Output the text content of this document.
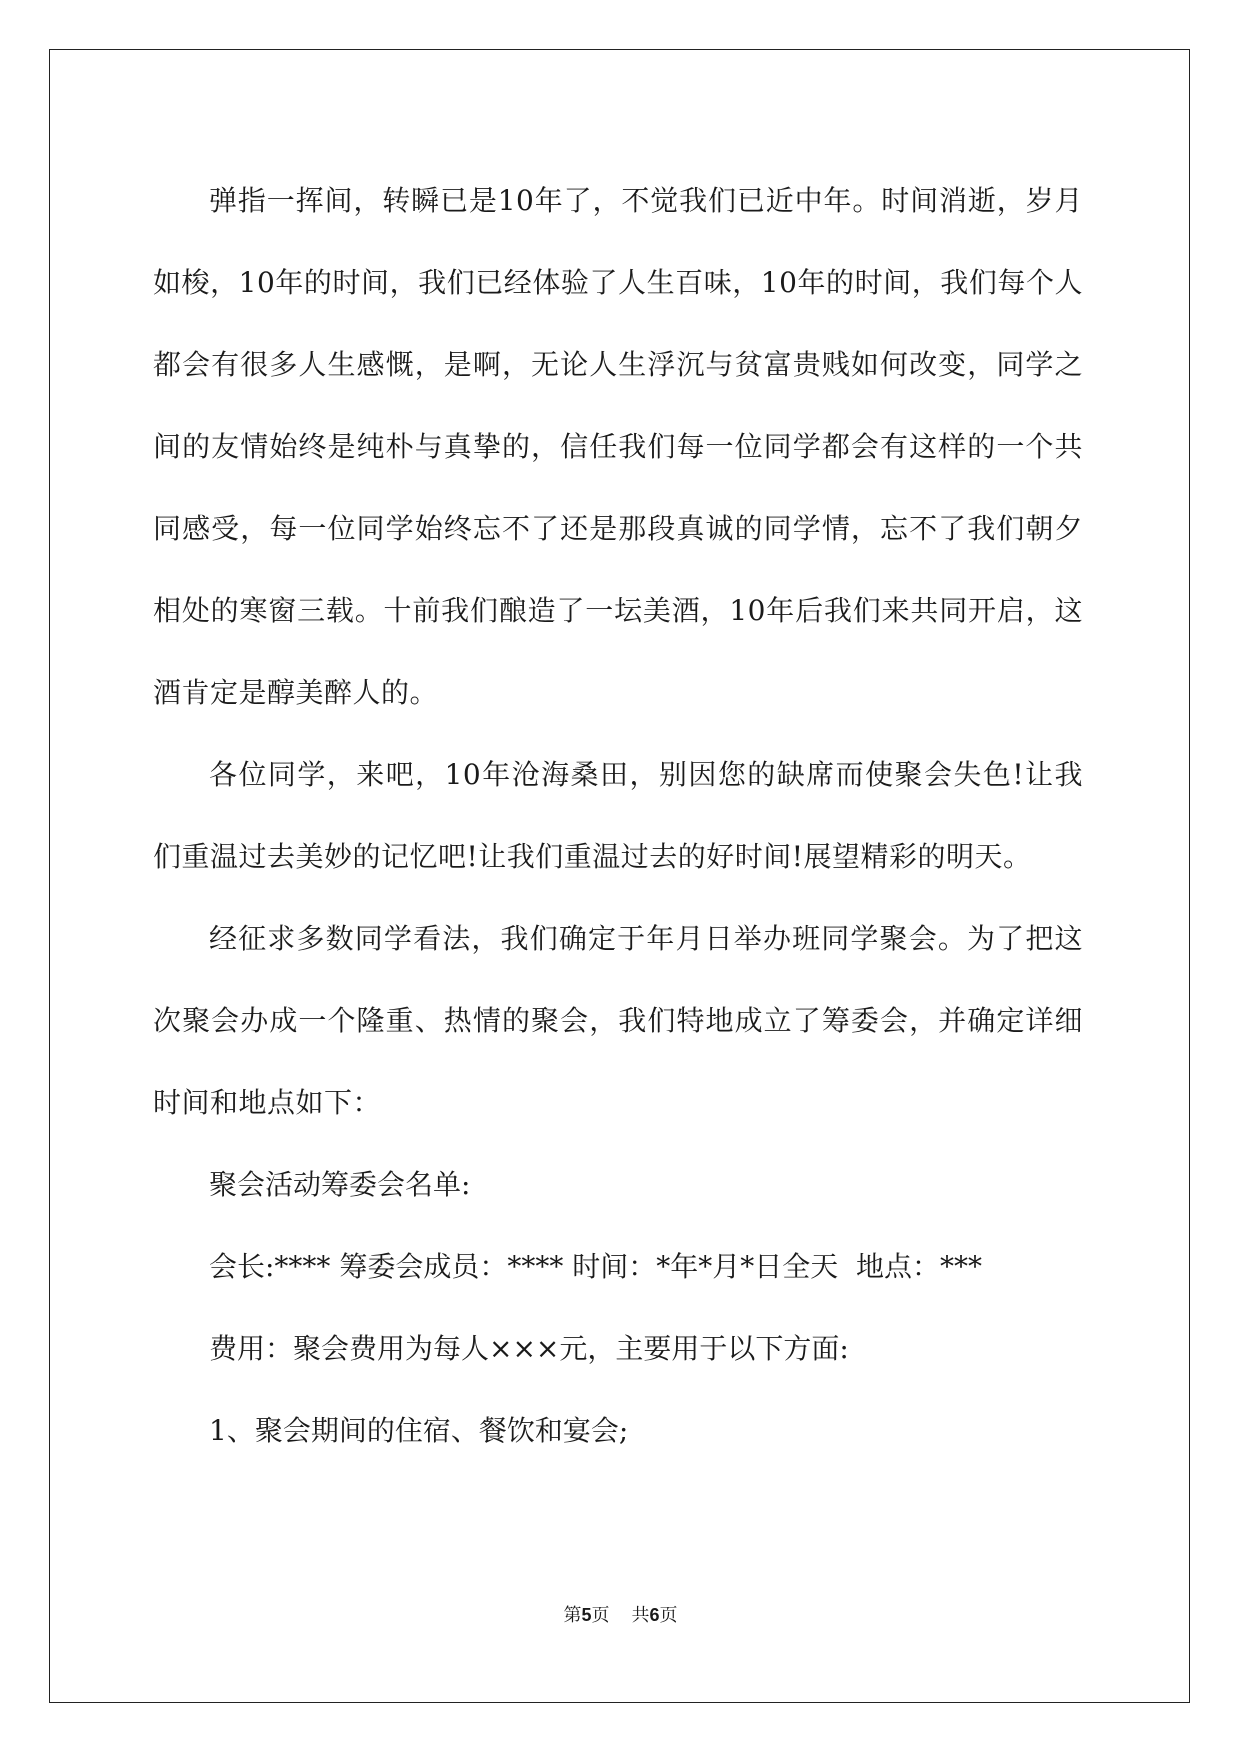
弹指一挥间，转瞬已是10年了，不觉我们已近中年。时间消逝，岁月如梭，10年的时间，我们已经体验了人生百味，10年的时间，我们每个人都会有很多人生感慨，是啊，无论人生浮沉与贫富贵贱如何改变，同学之间的友情始终是纯朴与真挚的，信任我们每一位同学都会有这样的一个共同感受，每一位同学始终忘不了还是那段真诚的同学情，忘不了我们朝夕相处的寒窗三载。十前我们酿造了一坛美酒，10年后我们来共同开启，这酒肯定是醇美醉人的。

各位同学，来吧，10年沧海桑田，别因您的缺席而使聚会失色!让我们重温过去美妙的记忆吧!让我们重温过去的好时间!展望精彩的明天。

经征求多数同学看法，我们确定于年月日举办班同学聚会。为了把这次聚会办成一个隆重、热情的聚会，我们特地成立了筹委会，并确定详细时间和地点如下：

聚会活动筹委会名单:

会长:**** 筹委会成员：**** 时间：*年*月*日全天  地点：***

费用：聚会费用为每人×××元，主要用于以下方面:

1、聚会期间的住宿、餐饮和宴会;

第5页 共6页
